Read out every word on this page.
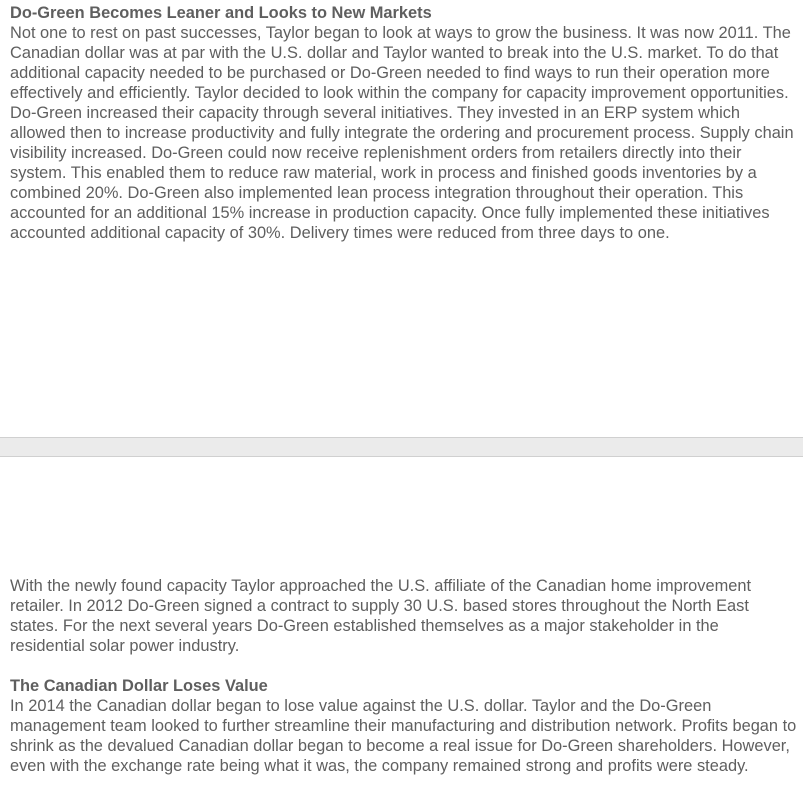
Do-Green Becomes Leaner and Looks to New Markets

Not one to rest on past successes, Taylor began to look at ways to grow the business. It was now 2011. The Canadian dollar was at par with the U.S. dollar and Taylor wanted to break into the U.S. market. To do that additional capacity needed to be purchased or Do-Green needed to find ways to run their operation more effectively and efficiently. Taylor decided to look within the company for capacity improvement opportunities. Do-Green increased their capacity through several initiatives. They invested in an ERP system which allowed then to increase productivity and fully integrate the ordering and procurement process. Supply chain visibility increased. Do-Green could now receive replenishment orders from retailers directly into their system. This enabled them to reduce raw material, work in process and finished goods inventories by a combined 20%. Do-Green also implemented lean process integration throughout their operation. This accounted for an additional 15% increase in production capacity. Once fully implemented these initiatives accounted additional capacity of 30%. Delivery times were reduced from three days to one.

With the newly found capacity Taylor approached the U.S. affiliate of the Canadian home improvement retailer. In 2012 Do-Green signed a contract to supply 30 U.S. based stores throughout the North East states. For the next several years Do-Green established themselves as a major stakeholder in the residential solar power industry.

The Canadian Dollar Loses Value

In 2014 the Canadian dollar began to lose value against the U.S. dollar. Taylor and the Do-Green management team looked to further streamline their manufacturing and distribution network. Profits began to shrink as the devalued Canadian dollar began to become a real issue for Do-Green shareholders. However, even with the exchange rate being what it was, the company remained strong and profits were steady.
